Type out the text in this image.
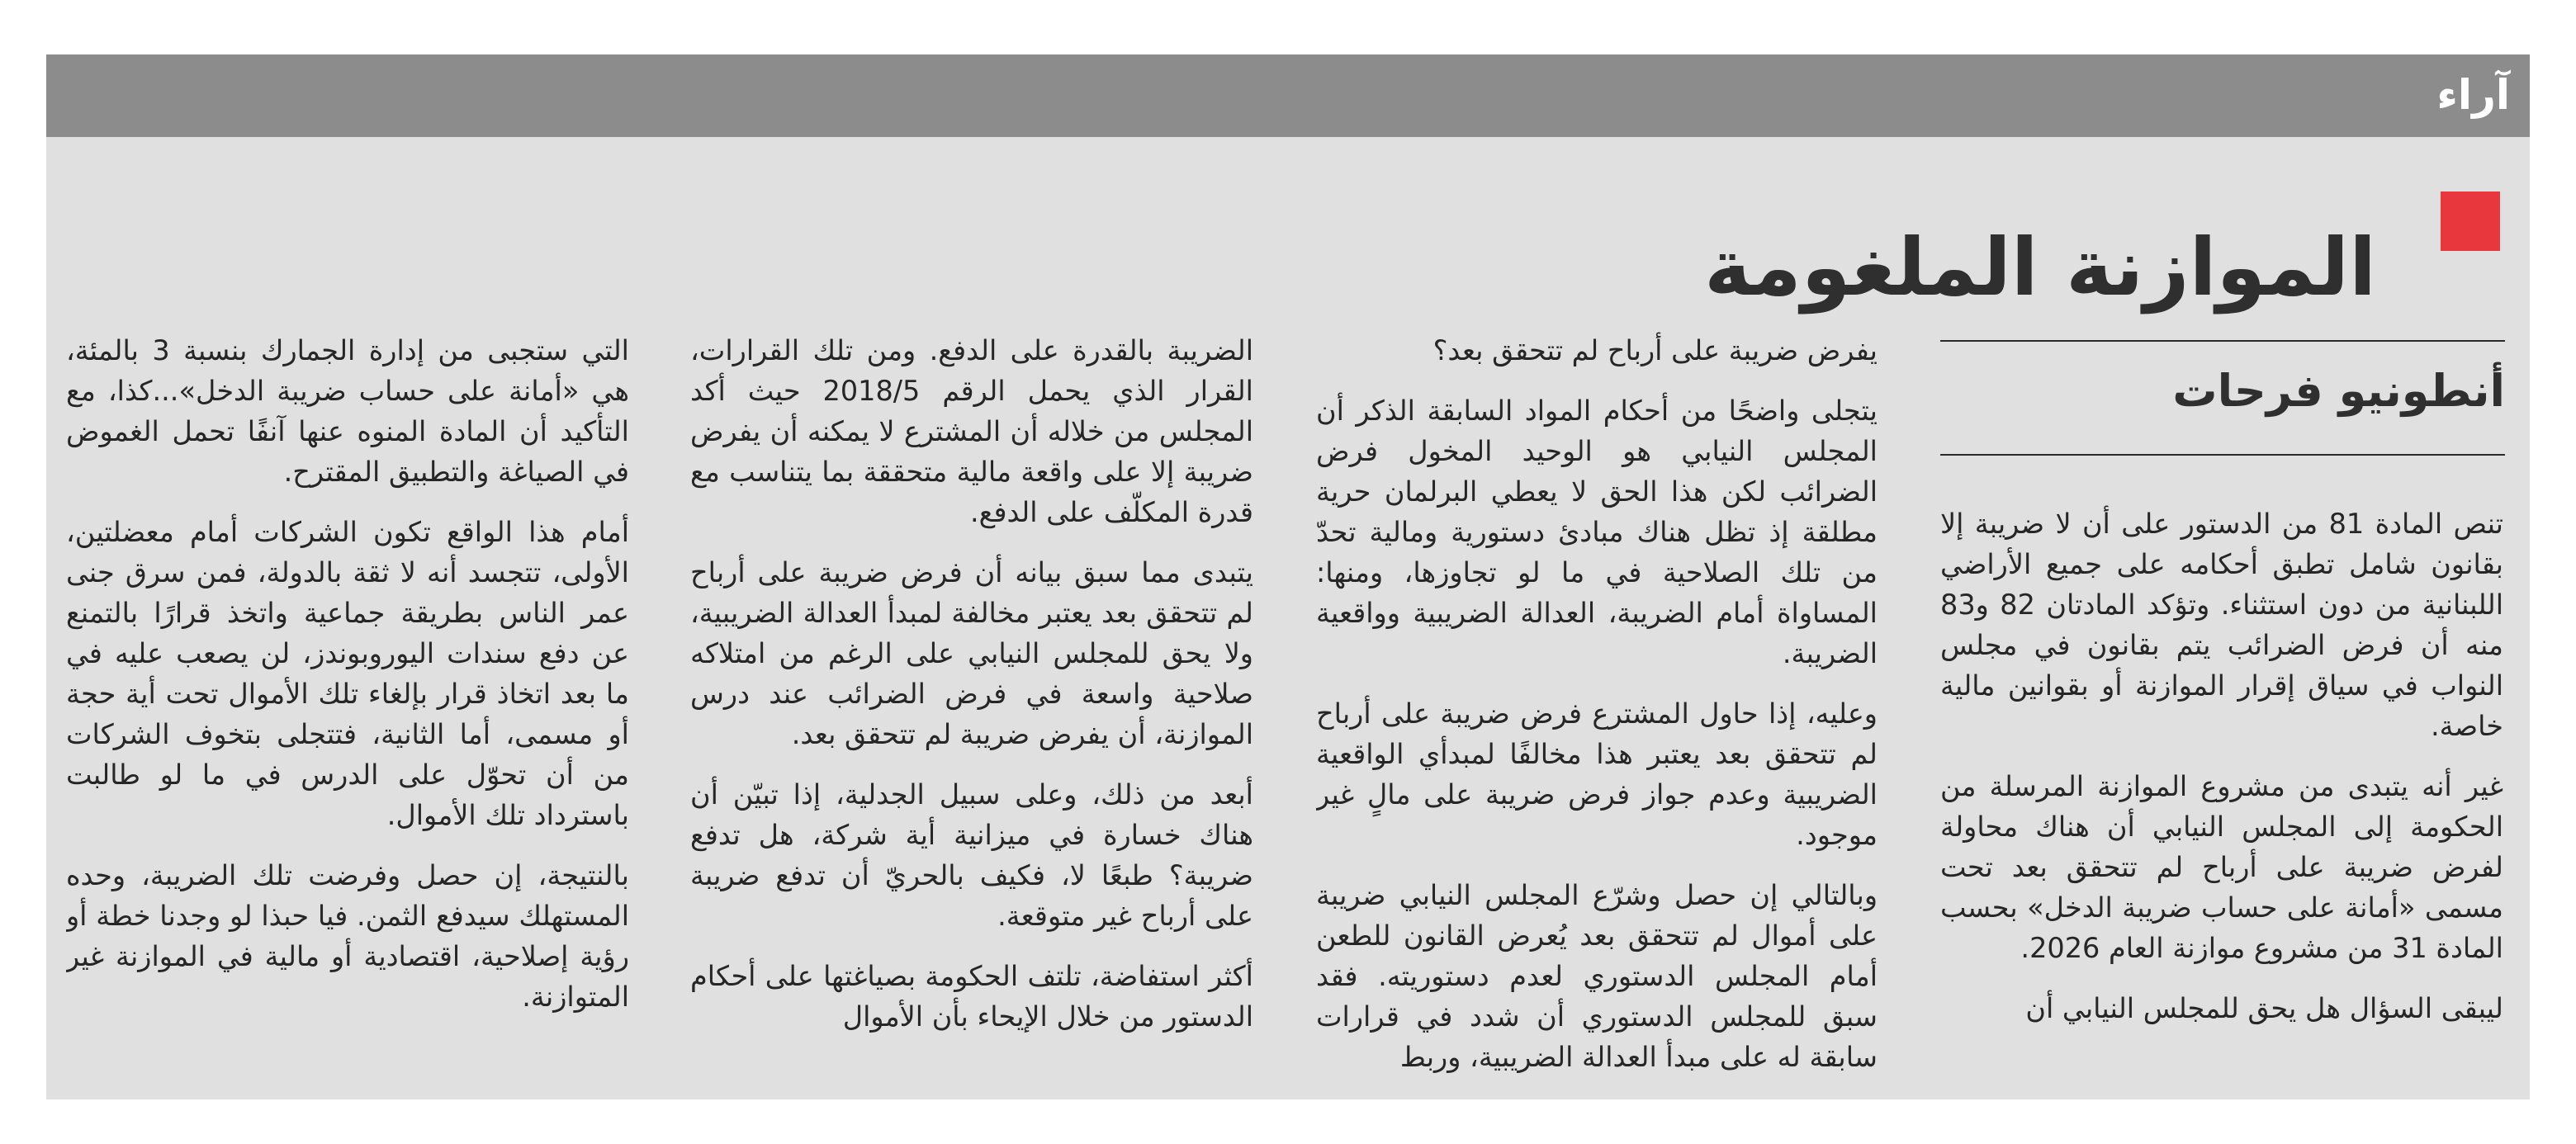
آراء
الموازنة الملغومة
أنطونيو فرحات

تنص المادة 81 من الدستور على أن لا ضريبة إلا بقانون شامل تطبق أحكامه على جميع الأراضي اللبنانية من دون استثناء. وتؤكد المادتان 82 و83 منه أن فرض الضرائب يتم بقانون في مجلس النواب في سياق إقرار الموازنة أو بقوانين مالية خاصة.

غير أنه يتبدى من مشروع الموازنة المرسلة من الحكومة إلى المجلس النيابي أن هناك محاولة لفرض ضريبة على أرباح لم تتحقق بعد تحت مسمى «أمانة على حساب ضريبة الدخل» بحسب المادة 31 من مشروع موازنة العام 2026.

ليبقى السؤال هل يحق للمجلس النيابي أن

يفرض ضريبة على أرباح لم تتحقق بعد؟

يتجلى واضحًا من أحكام المواد السابقة الذكر أن المجلس النيابي هو الوحيد المخول فرض الضرائب لكن هذا الحق لا يعطي البرلمان حرية مطلقة إذ تظل هناك مبادئ دستورية ومالية تحدّ من تلك الصلاحية في ما لو تجاوزها، ومنها: المساواة أمام الضريبة، العدالة الضريبية وواقعية الضريبة.

وعليه، إذا حاول المشترع فرض ضريبة على أرباح لم تتحقق بعد يعتبر هذا مخالفًا لمبدأي الواقعية الضريبية وعدم جواز فرض ضريبة على مالٍ غير موجود.

وبالتالي إن حصل وشرّع المجلس النيابي ضريبة على أموال لم تتحقق بعد يُعرض القانون للطعن أمام المجلس الدستوري لعدم دستوريته. فقد سبق للمجلس الدستوري أن شدد في قرارات سابقة له على مبدأ العدالة الضريبية، وربط

الضريبة بالقدرة على الدفع. ومن تلك القرارات، القرار الذي يحمل الرقم 2018/5 حيث أكد المجلس من خلاله أن المشترع لا يمكنه أن يفرض ضريبة إلا على واقعة مالية متحققة بما يتناسب مع قدرة المكلّف على الدفع.

يتبدى مما سبق بيانه أن فرض ضريبة على أرباح لم تتحقق بعد يعتبر مخالفة لمبدأ العدالة الضريبية، ولا يحق للمجلس النيابي على الرغم من امتلاكه صلاحية واسعة في فرض الضرائب عند درس الموازنة، أن يفرض ضريبة لم تتحقق بعد.

أبعد من ذلك، وعلى سبيل الجدلية، إذا تبيّن أن هناك خسارة في ميزانية أية شركة، هل تدفع ضريبة؟ طبعًا لا، فكيف بالحريّ أن تدفع ضريبة على أرباح غير متوقعة.

أكثر استفاضة، تلتف الحكومة بصياغتها على أحكام الدستور من خلال الإيحاء بأن الأموال

التي ستجبى من إدارة الجمارك بنسبة 3 بالمئة، هي «أمانة على حساب ضريبة الدخل»...كذا، مع التأكيد أن المادة المنوه عنها آنفًا تحمل الغموض في الصياغة والتطبيق المقترح.

أمام هذا الواقع تكون الشركات أمام معضلتين، الأولى، تتجسد أنه لا ثقة بالدولة، فمن سرق جنى عمر الناس بطريقة جماعية واتخذ قرارًا بالتمنع عن دفع سندات اليوروبوندز، لن يصعب عليه في ما بعد اتخاذ قرار بإلغاء تلك الأموال تحت أية حجة أو مسمى، أما الثانية، فتتجلى بتخوف الشركات من أن تحوّل على الدرس في ما لو طالبت باسترداد تلك الأموال.

بالنتيجة، إن حصل وفرضت تلك الضريبة، وحده المستهلك سيدفع الثمن. فيا حبذا لو وجدنا خطة أو رؤية إصلاحية، اقتصادية أو مالية في الموازنة غير المتوازنة.
